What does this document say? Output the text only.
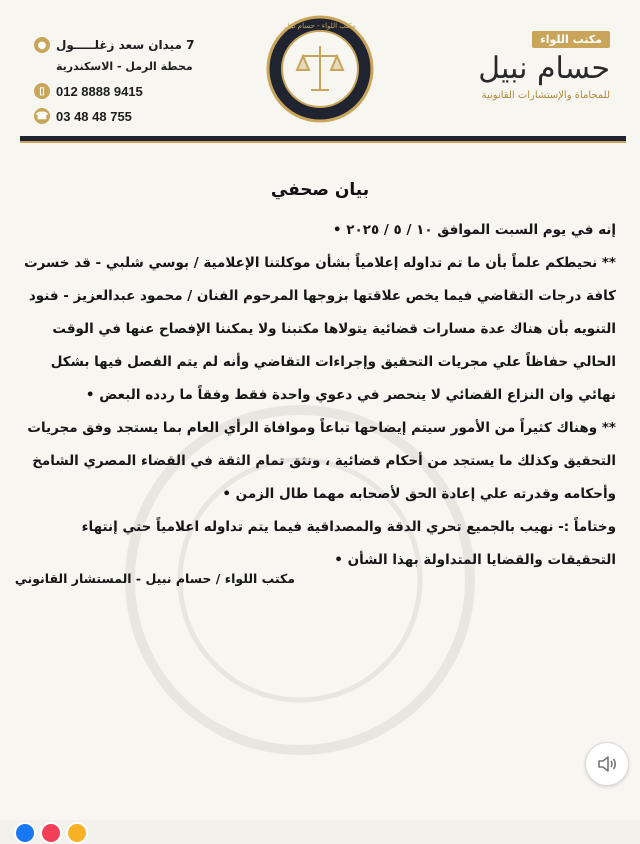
● 7 ميدان سعد زغلـــــول
محطة الرمل - الاسكندرية
▯ 012 8888 9415
☎ 03 48 48 755
مكتب اللواء - حسام نبيل
مكتب اللواء
حسام نبيل
للمحاماة والإستشارات القانونية
بيان صحفي

إنه في يوم السبت الموافق ١٠ / ٥ / ٢٠٢٥ •

** نحيطكم علماً بأن ما تم تداوله إعلامياً بشأن موكلتنا الإعلامية / بوسي شلبي - قد خسرت كافة درجات التقاضي فيما يخص علاقتها بزوجها المرحوم الفنان / محمود عبدالعزيز - فنود التنويه بأن هناك عدة مسارات قضائية يتولاها مكتبنا ولا يمكننا الإفصاح عنها في الوقت الحالي حفاظاً علي مجريات التحقيق وإجراءات التقاضي وأنه لم يتم الفصل فيها بشكل نهائي وان النزاع القضائي لا ينحصر في دعوي واحدة فقط وفقاً ما ردده البعض •

** وهناك كثيراً من الأمور سيتم إيضاحها تباعاً وموافاة الرأي العام بما يستجد وفق مجريات التحقيق وكذلك ما يستجد من أحكام قضائية ، ونثق تمام الثقة في القضاء المصري الشامخ وأحكامه وقدرته علي إعادة الحق لأصحابه مهما طال الزمن •

وختاماً :- نهيب بالجميع تحري الدقة والمصداقية فيما يتم تداوله اعلامياً حتي إنتهاء التحقيقات والقضايا المتداولة بهذا الشأن •

مكتب اللواء / حسام نبيل - المستشار القانوني
